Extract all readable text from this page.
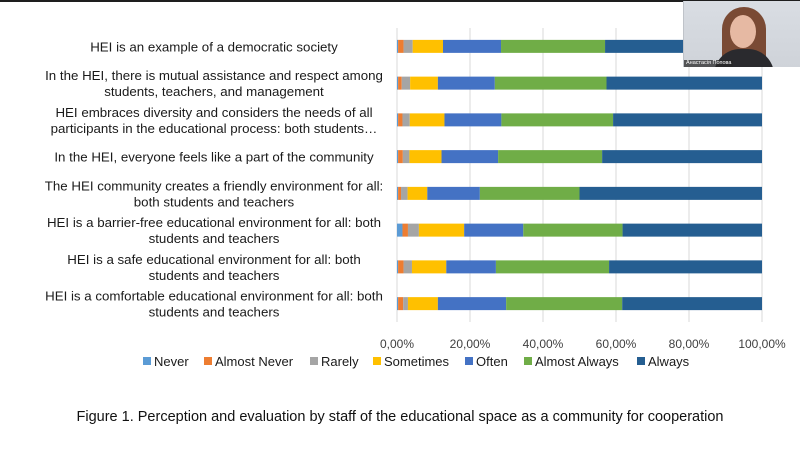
HEI is an example of a democratic society
In the HEI, there is mutual assistance and respect among
students, teachers, and management
HEI embraces diversity and considers the needs of all
participants in the educational process: both students…
In the HEI, everyone feels like a part of the community
The HEI community creates a friendly environment for all:
both students and teachers
HEI is a barrier-free educational environment for all: both
students and teachers
HEI is a safe educational environment for all: both
students and teachers
HEI is a comfortable educational environment for all: both
students and teachers
0,00%	20,00%	40,00%	60,00%	80,00% 100,00%
Never Almost Never Rarely Sometimes Often Almost Always Always
Figure 1. Perception and evaluation by staff of the educational space as a community for cooperation
Анастасія Попова
